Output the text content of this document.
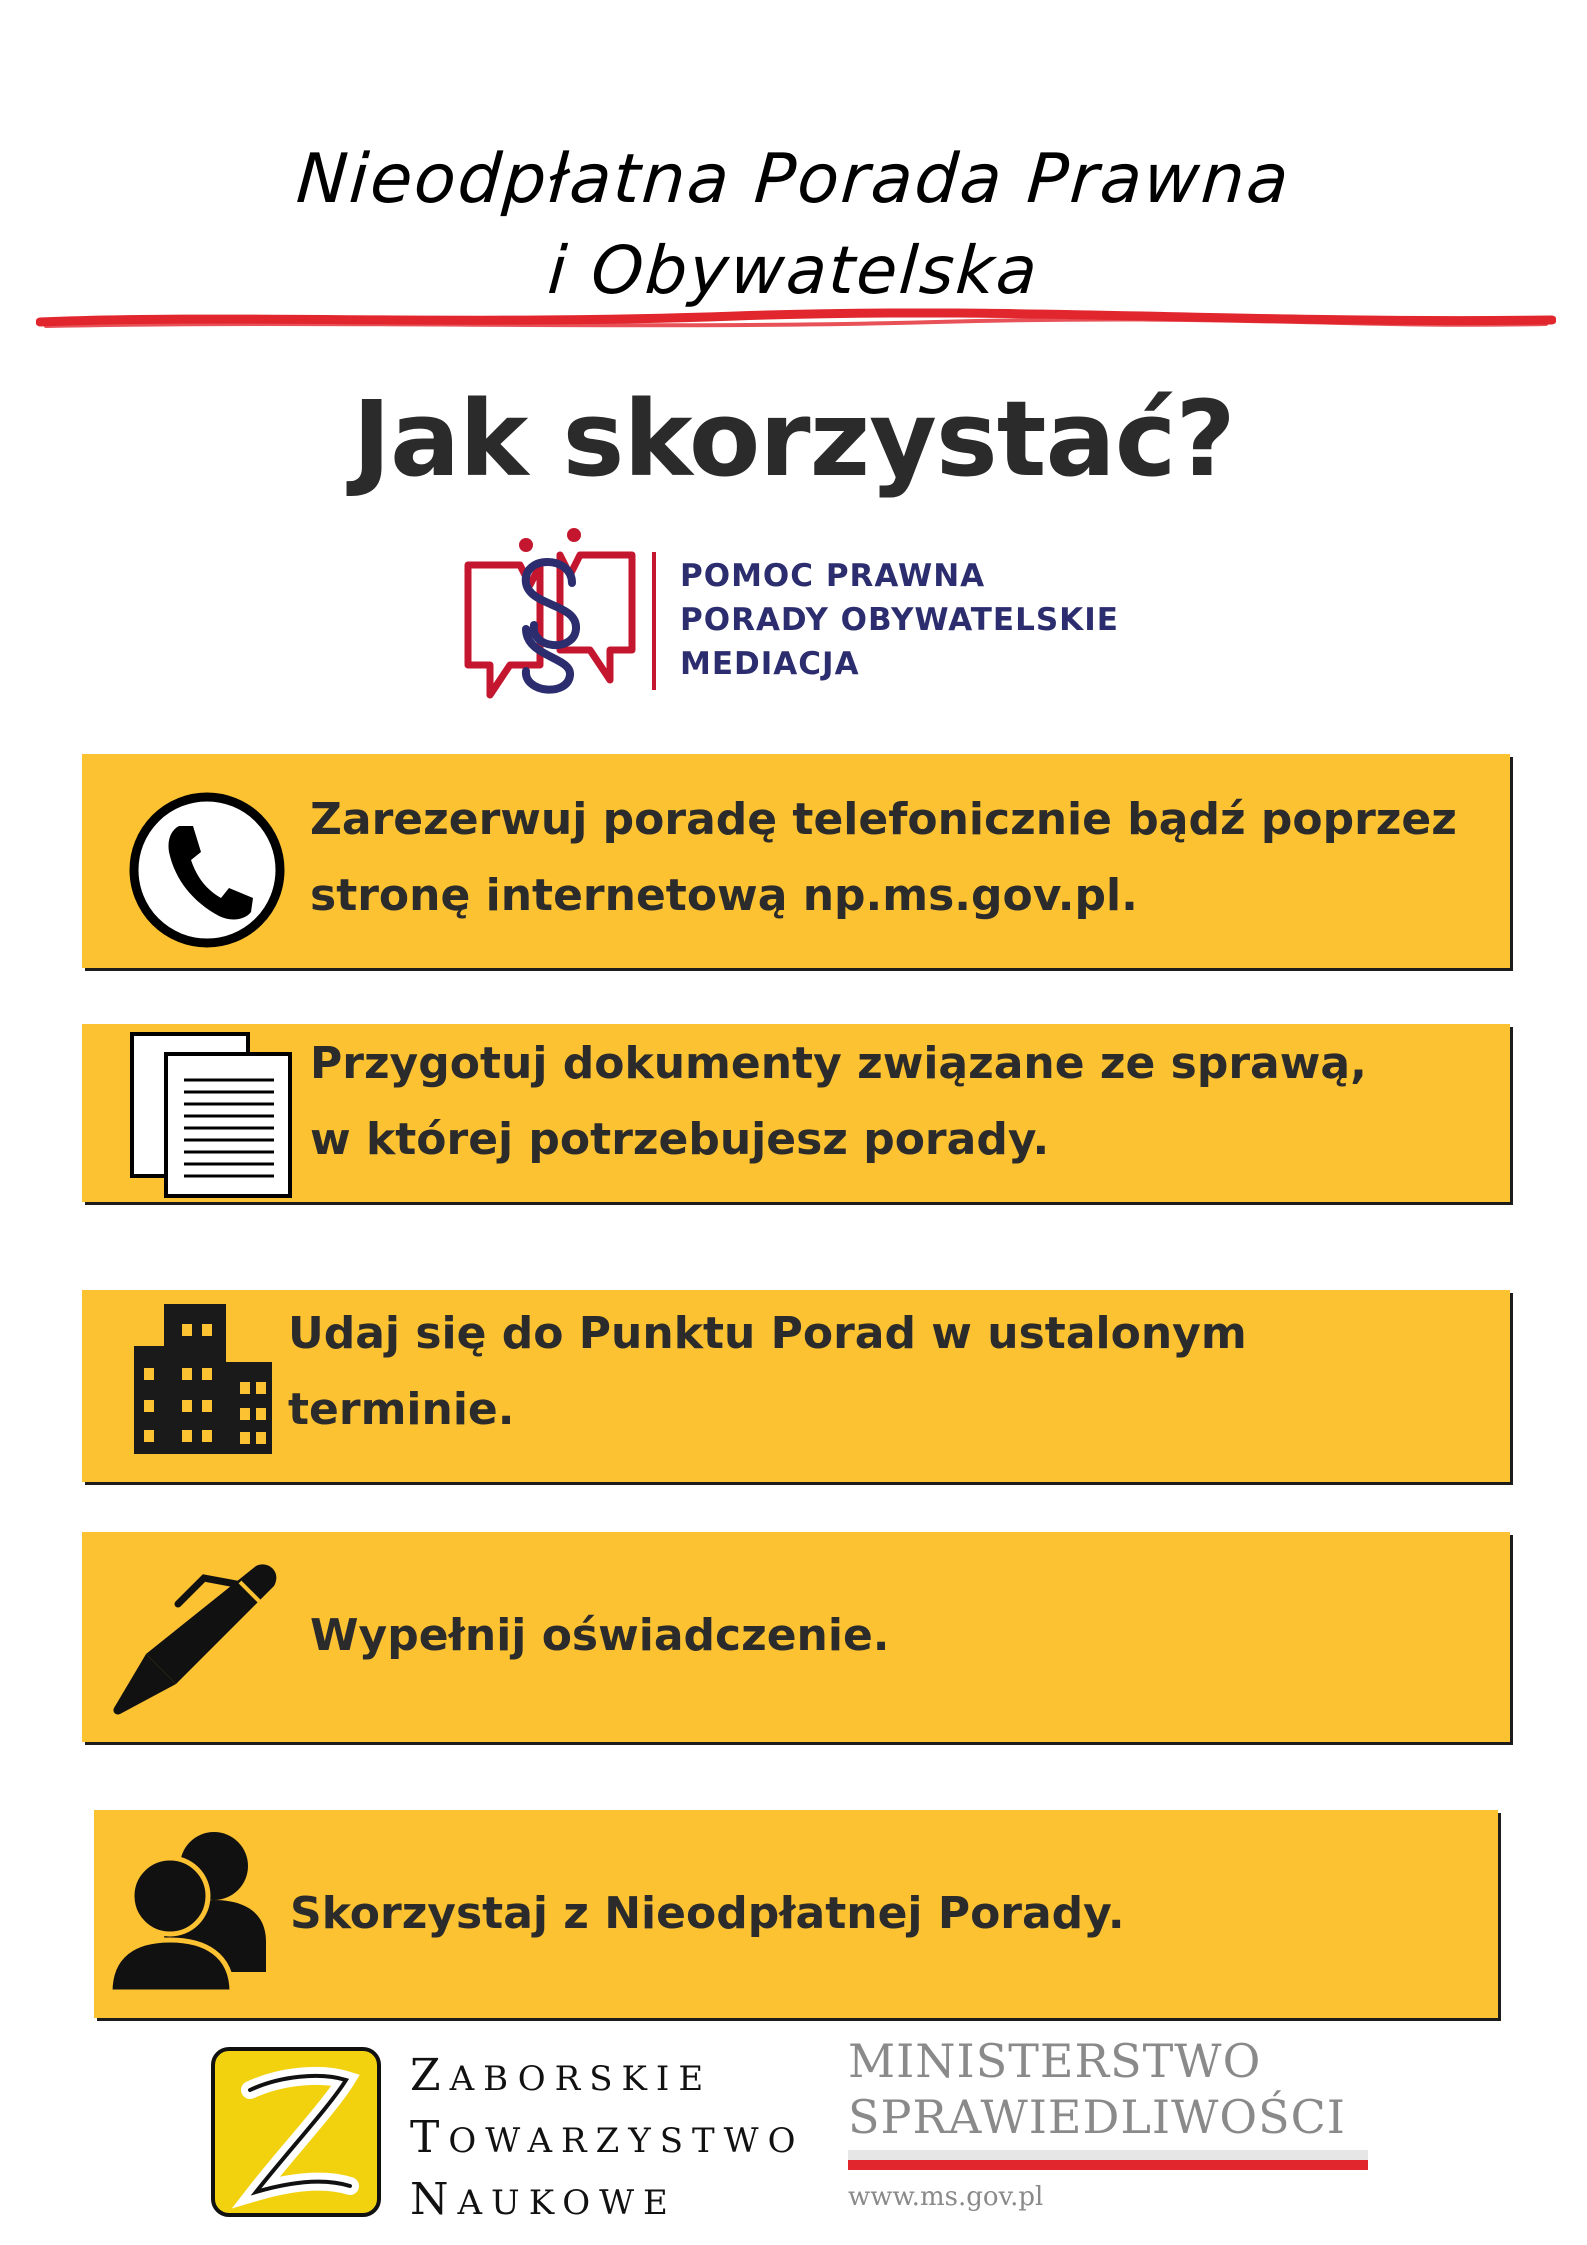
Nieodpłatna Porada Prawna
i Obywatelska
Jak skorzystać?
POMOC PRAWNA
PORADY OBYWATELSKIE
MEDIACJA
Zarezerwuj poradę telefonicznie bądź poprzez
stronę internetową np.ms.gov.pl.
Przygotuj dokumenty związane ze sprawą,
w której potrzebujesz porady.
Udaj się do Punktu Porad w ustalonym
terminie.
Wypełnij oświadczenie.
Skorzystaj z Nieodpłatnej Porady.
ZABORSKIE
TOWARZYSTWO
NAUKOWE
MINISTERSTWO
SPRAWIEDLIWOŚCI
www.ms.gov.pl
